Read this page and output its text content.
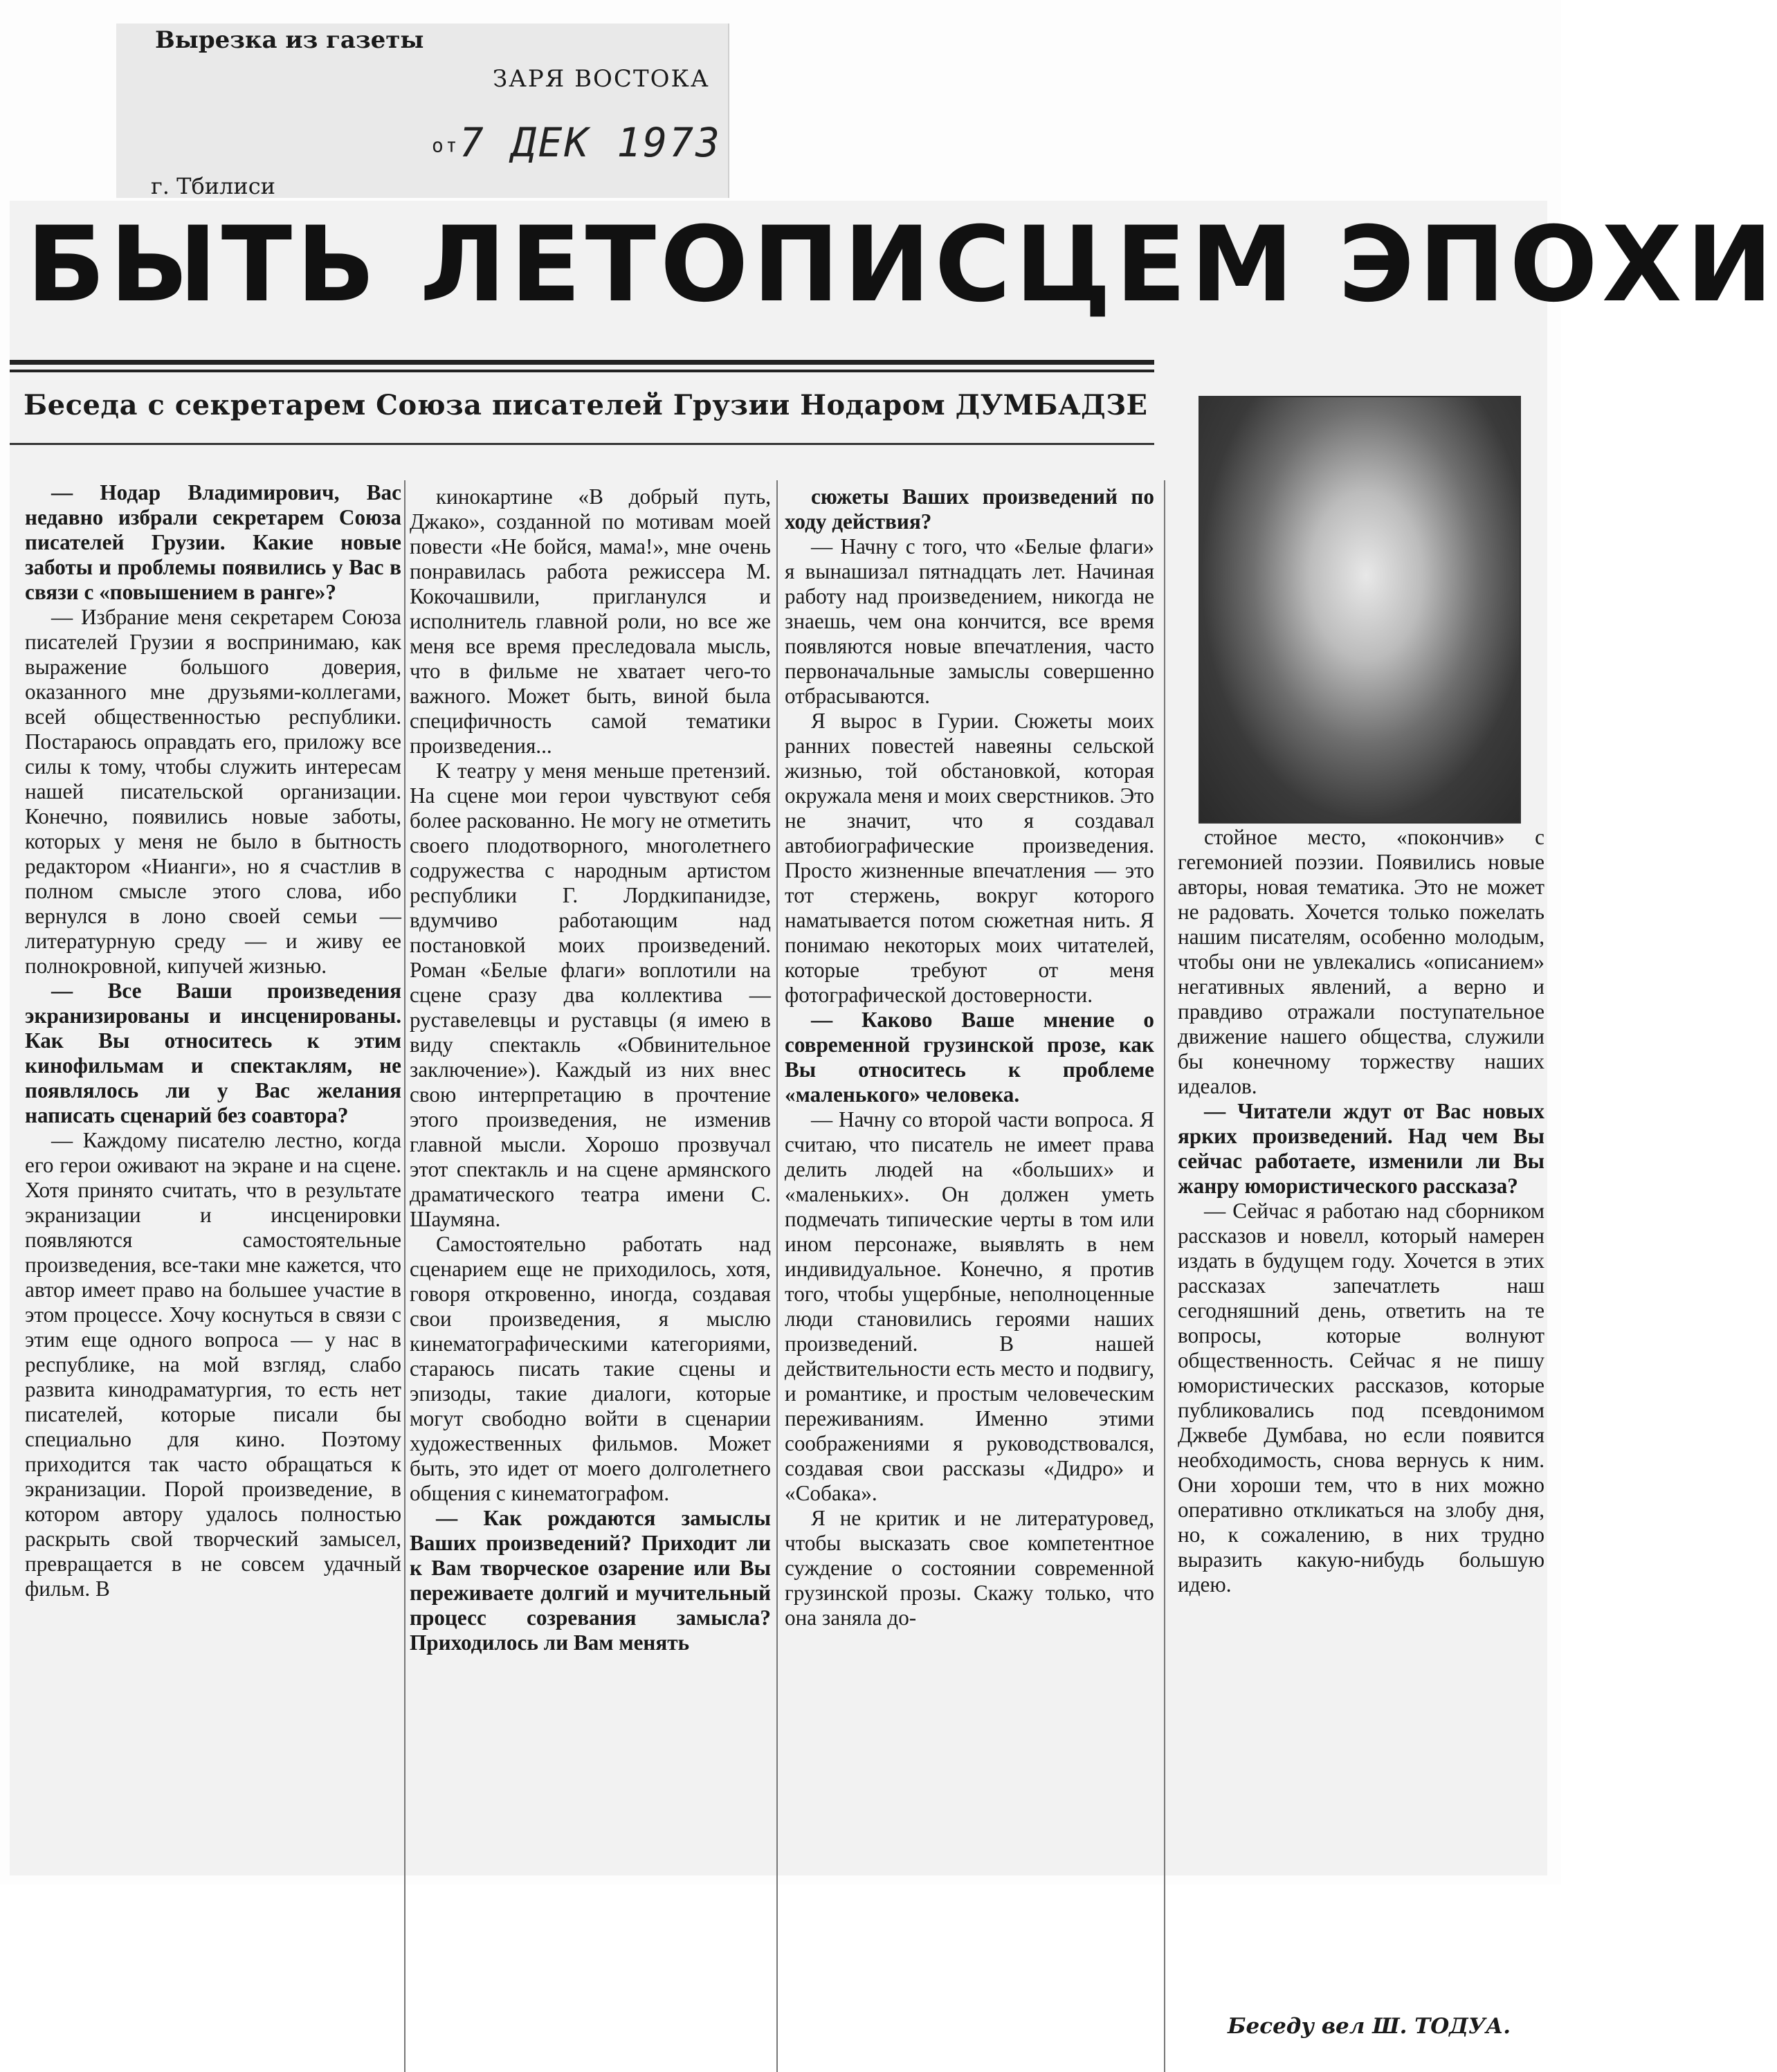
Вырезка из газеты
ЗАРЯ ВОСТОКА
от7 ДЕК 1973
г. Тбилиси
БЫТЬ ЛЕТОПИСЦЕМ ЭПОХИ
Беседа с секретарем Союза писателей Грузии Нодаром ДУМБАДЗЕ

— Нодар Владимирович, Вас недавно избрали секретарем Союза писателей Грузии. Какие новые заботы и проблемы появились у Вас в связи с «повышением в ранге»?

— Избрание меня секретарем Союза писателей Грузии я воспринимаю, как выражение большого доверия, оказанного мне друзьями-коллегами, всей общественностью республики. Постараюсь оправдать его, приложу все силы к тому, чтобы служить интересам нашей писательской организации. Конечно, появились новые заботы, которых у меня не было в бытность редактором «Нианги», но я счастлив в полном смысле этого слова, ибо вернулся в лоно своей семьи — литературную среду — и живу ее полнокровной, кипучей жизнью.

— Все Ваши произведения экранизированы и инсценированы. Как Вы относитесь к этим кинофильмам и спектаклям, не появлялось ли у Вас желания написать сценарий без соавтора?

— Каждому писателю лестно, когда его герои оживают на экране и на сцене. Хотя принято считать, что в результате экранизации и инсценировки появляются самостоятельные произведения, все-таки мне кажется, что автор имеет право на большее участие в этом процессе. Хочу коснуться в связи с этим еще одного вопроса — у нас в республике, на мой взгляд, слабо развита кинодраматургия, то есть нет писателей, которые писали бы специально для кино. Поэтому приходится так часто обращаться к экранизации. Порой произведение, в котором автору удалось полностью раскрыть свой творческий замысел, превращается в не совсем удачный фильм. В

кинокартине «В добрый путь, Джако», созданной по мотивам моей повести «Не бойся, мама!», мне очень понравилась работа режиссера М. Кокочашвили, пригланулся и исполнитель главной роли, но все же меня все время преследовала мысль, что в фильме не хватает чего-то важного. Может быть, виной была специфичность самой тематики произведения...

К театру у меня меньше претензий. На сцене мои герои чувствуют себя более раскованно. Не могу не отметить своего плодотворного, многолетнего содружества с народным артистом республики Г. Лордкипанидзе, вдумчиво работающим над постановкой моих произведений. Роман «Белые флаги» воплотили на сцене сразу два коллектива — руставелевцы и руставцы (я имею в виду спектакль «Обвинительное заключение»). Каждый из них внес свою интерпретацию в прочтение этого произведения, не изменив главной мысли. Хорошо прозвучал этот спектакль и на сцене армянского драматического театра имени С. Шаумяна.

Самостоятельно работать над сценарием еще не приходилось, хотя, говоря откровенно, иногда, создавая свои произведения, я мыслю кинематографическими категориями, стараюсь писать такие сцены и эпизоды, такие диалоги, которые могут свободно войти в сценарии художественных фильмов. Может быть, это идет от моего долголетнего общения с кинематографом.

— Как рождаются замыслы Ваших произведений? Приходит ли к Вам творческое озарение или Вы переживаете долгий и мучительный процесс созревания замысла? Приходилось ли Вам менять

сюжеты Ваших произведений по ходу действия?

— Начну с того, что «Белые флаги» я вынашизал пятнадцать лет. Начиная работу над произведением, никогда не знаешь, чем она кончится, все время появляются новые впечатления, часто первоначальные замыслы совершенно отбрасываются.

Я вырос в Гурии. Сюжеты моих ранних повестей навеяны сельской жизнью, той обстановкой, которая окружала меня и моих сверстников. Это не значит, что я создавал автобиографические произведения. Просто жизненные впечатления — это тот стержень, вокруг которого наматывается потом сюжетная нить. Я понимаю некоторых моих читателей, которые требуют от меня фотографической достоверности.

— Каково Ваше мнение о современной грузинской прозе, как Вы относитесь к проблеме «маленького» человека.

— Начну со второй части вопроса. Я считаю, что писатель не имеет права делить людей на «больших» и «маленьких». Он должен уметь подмечать типические черты в том или ином персонаже, выявлять в нем индивидуальное. Конечно, я против того, чтобы ущербные, неполноценные люди становились героями наших произведений. В нашей действительности есть место и подвигу, и романтике, и простым человеческим переживаниям. Именно этими соображениями я руководствовался, создавая свои рассказы «Дидро» и «Собака».

Я не критик и не литературовед, чтобы высказать свое компетентное суждение о состоянии современной грузинской прозы. Скажу только, что она заняла до-

стойное место, «покончив» с гегемонией поэзии. Появились новые авторы, новая тематика. Это не может не радовать. Хочется только пожелать нашим писателям, особенно молодым, чтобы они не увлекались «описанием» негативных явлений, а верно и правдиво отражали поступательное движение нашего общества, служили бы конечному торжеству наших идеалов.

— Читатели ждут от Вас новых ярких произведений. Над чем Вы сейчас работаете, изменили ли Вы жанру юмористического рассказа?

— Сейчас я работаю над сборником рассказов и новелл, который намерен издать в будущем году. Хочется в этих рассказах запечатлеть наш сегодняшний день, ответить на те вопросы, которые волнуют общественность. Сейчас я не пишу юмористических рассказов, которые публиковались под псевдонимом Джвебе Думбава, но если появится необходимость, снова вернусь к ним. Они хороши тем, что в них можно оперативно откликаться на злобу дня, но, к сожалению, в них трудно выразить какую-нибудь большую идею.

Беседу вел Ш. ТОДУА.
